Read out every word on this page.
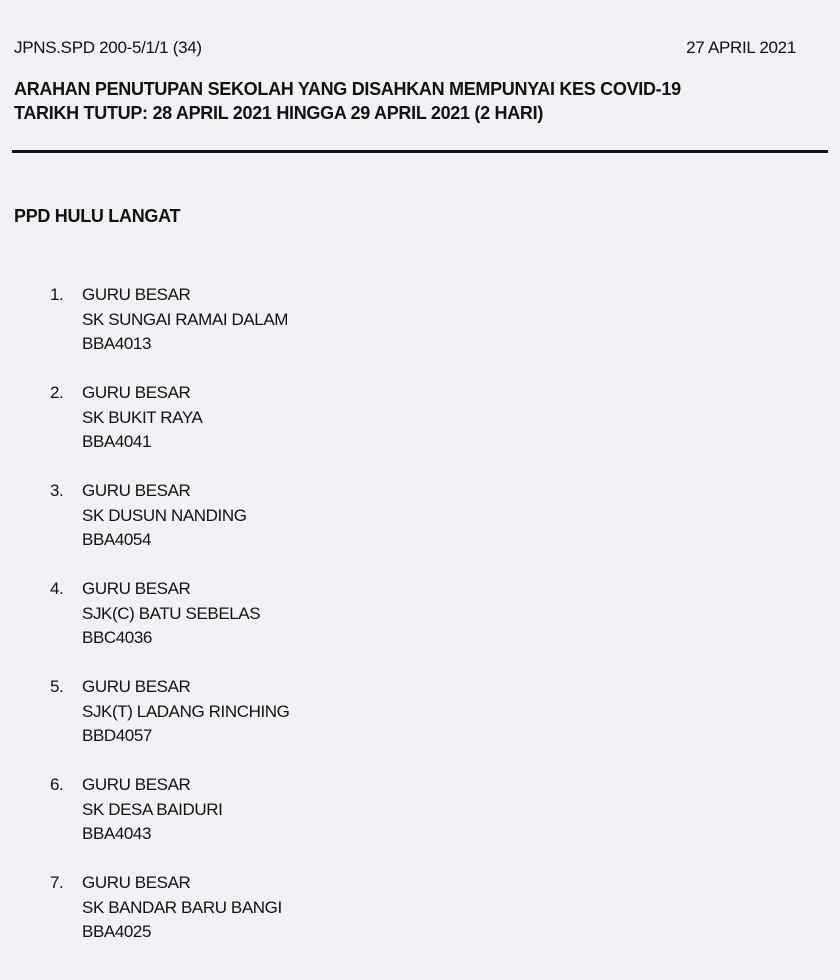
JPNS.SPD 200-5/1/1 (34)	27 APRIL 2021
ARAHAN PENUTUPAN SEKOLAH YANG DISAHKAN MEMPUNYAI KES COVID-19
TARIKH TUTUP: 28 APRIL 2021 HINGGA 29 APRIL 2021 (2 HARI)
PPD HULU LANGAT
1.	GURU BESAR
SK SUNGAI RAMAI DALAM
BBA4013
2.	GURU BESAR
SK BUKIT RAYA
BBA4041
3.	GURU BESAR
SK DUSUN NANDING
BBA4054
4.	GURU BESAR
SJK(C) BATU SEBELAS
BBC4036
5.	GURU BESAR
SJK(T) LADANG RINCHING
BBD4057
6.	GURU BESAR
SK DESA BAIDURI
BBA4043
7.	GURU BESAR
SK BANDAR BARU BANGI
BBA4025
